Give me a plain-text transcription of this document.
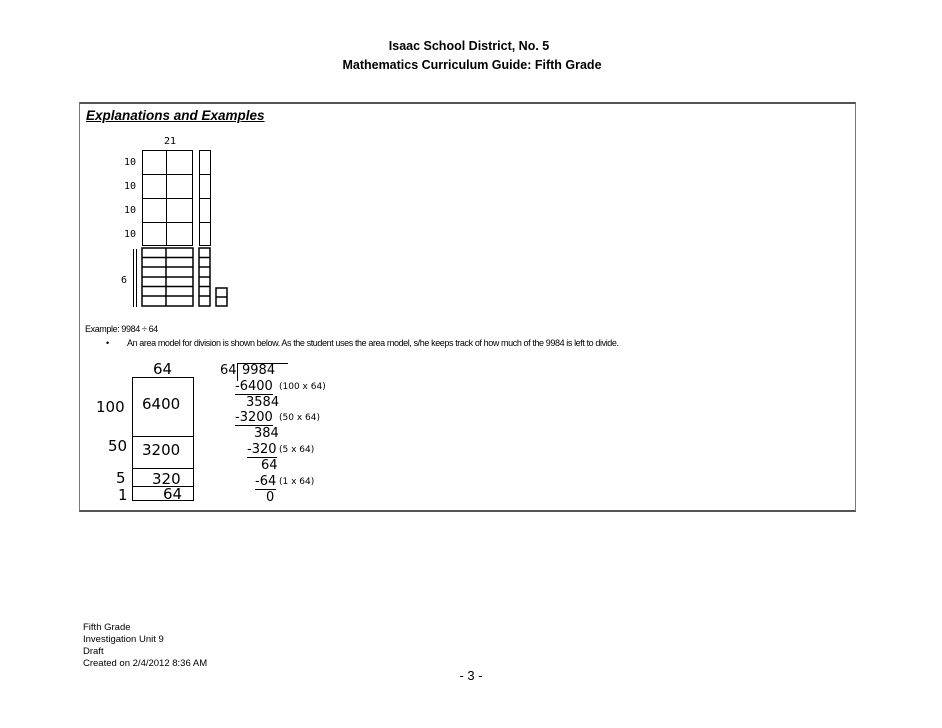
Isaac School District, No. 5
Mathematics Curriculum Guide: Fifth Grade
Explanations and Examples
21
10
10
10
10
6
Example: 9984 ÷ 64
• An area model for division is shown below. As the student uses the area model, s/he keeps track of how much of the 9984 is left to divide.
64
100 6400
50 3200
5 320
1 64
64 9984
-6400 (100 x 64)
3584
-3200 (50 x 64)
384
-320 (5 x 64)
64
-64 (1 x 64)
0
Fifth Grade
Investigation Unit 9
Draft
Created on 2/4/2012 8:36 AM
- 3 -
